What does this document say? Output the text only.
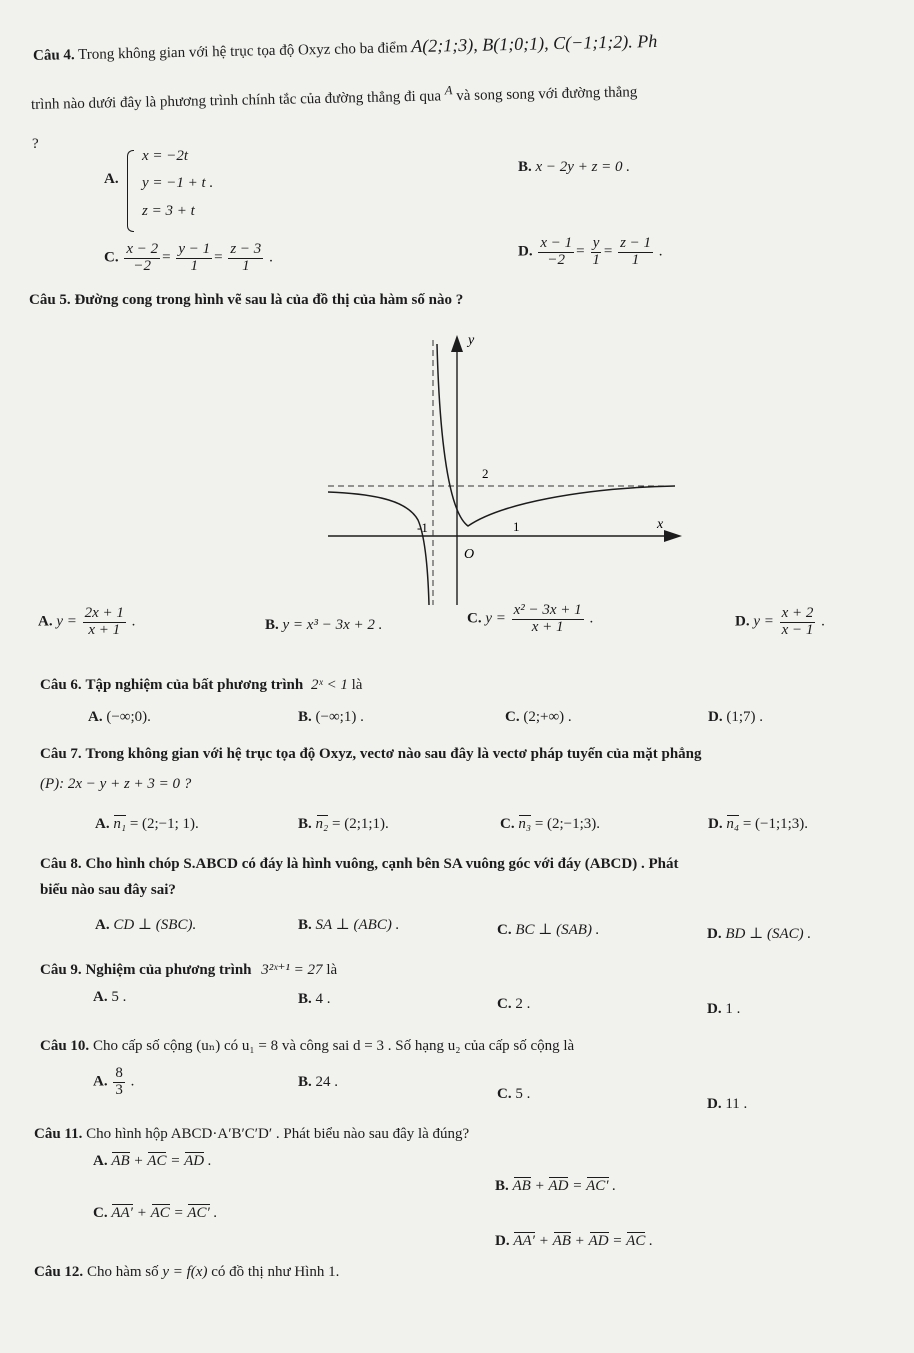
Câu 4. Trong không gian với hệ trục tọa độ Oxyz cho ba điểm A(2;1;3), B(1;0;1), C(−1;1;2). Ph
trình nào dưới đây là phương trình chính tắc của đường thẳng đi qua $^A$ và song song với đường thẳng
?
A.
x = −2t
y = −1 + t .
z = 3 + t
B. x − 2y + z = 0 .
C. $\frac{x - 2}{-2} = \frac{y - 1}{1} = \frac{z - 3}{1}$ .	D. $\frac{x - 1}{-2} = \frac{y}{1} = \frac{z - 1}{1}$ .
Câu 5. Đường cong trong hình vẽ sau là của đồ thị của hàm số nào ?
y
x
2
-1	1
O
A. $y = \frac{2x + 1}{x + 1}$ .	B. y = x³ − 3x + 2 .	C. $y = \frac{\text{x² − 3x + 1}}{x + 1}$ .	D. $y = \frac{x + 2}{x - 1}$ .
Câu 6. Tập nghiệm của bất phương trình 2ˣ < 1 là
A. (−∞;0).	B. (−∞;1) .	C. (2;+∞) .	D. (1;7) .
Câu 7. Trong không gian với hệ trục tọa độ Oxyz, vectơ nào sau đây là vectơ pháp tuyến của mặt phẳng
(P): 2x − y + z + 3 = 0 ?
A. n₁ = (2;−1; 1).	B. n₂ = (2;1;1).	C. n₃ = (2;−1;3).	D. n₄ = (−1;1;3).
Câu 8. Cho hình chóp S.ABCD có đáy là hình vuông, cạnh bên SA vuông góc với đáy (ABCD) . Phát
biểu nào sau đây sai?
A. CD ⊥ (SBC).	B. SA ⊥ (ABC) .	C. BC ⊥ (SAB) .	D. BD ⊥ (SAC) .
Câu 9. Nghiệm của phương trình 3²ˣ⁺¹ = 27 là
A. 5 .	B. 4 .	C. 2 .	D. 1 .
Câu 10. Cho cấp số cộng (uₙ) có u₁ = 8 và công sai d = 3 . Số hạng u₂ của cấp số cộng là
A. $\frac{8}{3}$ .	B. 24 .
C. 5 .
D. 11 .
Câu 11. Cho hình hộp ABCD·A′B′C′D′ . Phát biểu nào sau đây là đúng?
A. AB + AC = AD .
B. AB + AD = AC′ .
C. AA′ + AC = AC′ .
D. AA′ + AB + AD = AC .
Câu 12. Cho hàm số y = f(x) có đồ thị như Hình 1.
